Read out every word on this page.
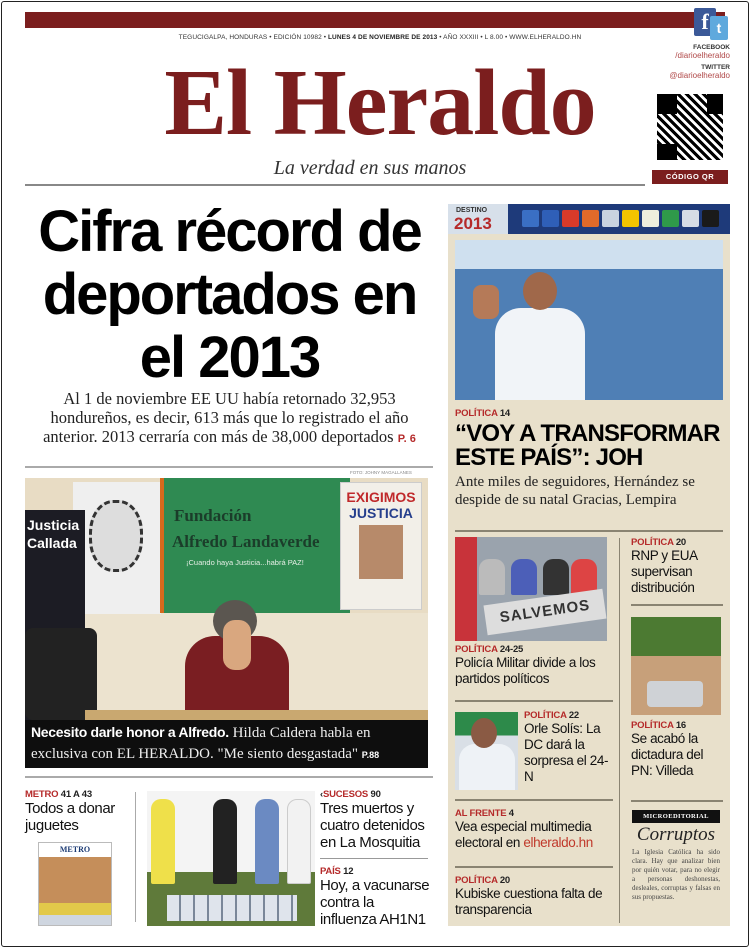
TEGUCIGALPA, HONDURAS • EDICIÓN 10982 • LUNES 4 DE NOVIEMBRE DE 2013 • AÑO XXXIII • L 8.00 • WWW.ELHERALDO.HN
El Heraldo
La verdad en sus manos
f t
FACEBOOK
/diarioelheraldo
TWITTER
@diarioelheraldo
CÓDIGO QR
Cifra récord de deportados en el 2013
Al 1 de noviembre EE UU había retornado 32,953 hondureños, es decir, 613 más que lo registrado el año anterior. 2013 cerraría con más de 38,000 deportados P. 6
FOTO: JOHNY MAGALLANES
Fundación
Alfredo Landaverde
¡Cuando haya Justicia...habrá PAZ!
Justicia Callada
EXIGIMOS
JUSTICIA
Necesito darle honor a Alfredo. Hilda Caldera habla en exclusiva con EL HERALDO. "Me siento desgastada" P.88
METRO 41 A 43
Todos a donar juguetes
METRO
‹SUCESOS 90
Tres muertos y cuatro detenidos en La Mosquitia
PAÍS 12
Hoy, a vacunarse contra la influenza AH1N1
DESTINO
2013
POLÍTICA 14
“VOY A TRANSFORMAR ESTE PAÍS”: JOH
Ante miles de seguidores, Hernández se despide de su natal Gracias, Lempira
SALVEMOS
POLÍTICA 24-25
Policía Militar divide a los partidos políticos
POLÍTICA 20
RNP y EUA supervisan distribución
POLÍTICA 16
Se acabó la dictadura del PN: Villeda
POLÍTICA 22
Orle Solís: La DC dará la sorpresa el 24-N
AL FRENTE 4
Vea especial multimedia electoral en elheraldo.hn
POLÍTICA 20
Kubiske cuestiona falta de transparencia
MICROEDITORIAL
Corruptos
La Iglesia Católica ha sido clara. Hay que analizar bien por quién votar, para no elegir a personas deshonestas, desleales, corruptas y falsas en sus propuestas.
